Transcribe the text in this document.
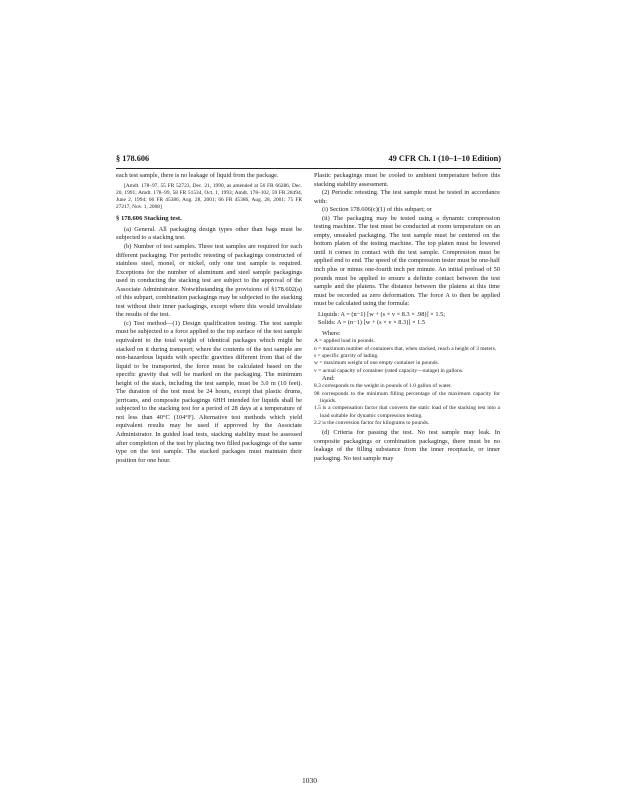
§ 178.606	49 CFR Ch. I (10–1–10 Edition)

each test sample, there is no leakage of liquid from the package.

[Amdt. 178–97, 55 FR 52723, Dec. 21, 1990, as amended at 56 FR 66286, Dec. 20, 1991; Amdt. 178–99, 58 FR 51534, Oct. 1, 1993; Amdt. 178–102, 59 FR 28494, June 2, 1994; 66 FR 45386, Aug. 28, 2001; 66 FR 45386, Aug. 28, 2001; 75 FR 27217, Nov. 1, 2008]

§ 178.606 Stacking test.

(a) General. All packaging design types other than bags must be subjected to a stacking test.

(b) Number of test samples. Three test samples are required for each different packaging. For periodic retesting of packagings constructed of stainless steel, monel, or nickel, only one test sample is required. Exceptions for the number of aluminum and steel sample packagings used in conducting the stacking test are subject to the approval of the Associate Administrator. Notwithstanding the provisions of §178.602(a) of this subpart, combination packagings may be subjected to the stacking test without their inner packagings, except where this would invalidate the results of the test.

(c) Test method—(1) Design qualification testing. The test sample must be subjected to a force applied to the top surface of the test sample equivalent to the total weight of identical packages which might be stacked on it during transport; where the contents of the test sample are non-hazardous liquids with specific gravities different from that of the liquid to be transported, the force must be calculated based on the specific gravity that will be marked on the packaging. The minimum height of the stack, including the test sample, must be 3.0 m (10 feet). The duration of the test must be 24 hours, except that plastic drums, jerricans, and composite packagings 6HH intended for liquids shall be subjected to the stacking test for a period of 28 days at a temperature of not less than 40°C (104°F). Alternative test methods which yield equivalent results may be used if approved by the Associate Administrator. In guided load tests, stacking stability must be assessed after completion of the test by placing two filled packagings of the same type on the test sample. The stacked packages must maintain their position for one hour.

Plastic packagings must be cooled to ambient temperature before this stacking stability assessment.

(2) Periodic retesting. The test sample must be tested in accordance with:

(i) Section 178.606(c)(1) of this subpart; or

(ii) The packaging may be tested using a dynamic compression testing machine. The test must be conducted at room temperature on an empty, unsealed packaging. The test sample must be centered on the bottom platen of the testing machine. The top platen must be lowered until it comes in contact with the test sample. Compression must be applied end to end. The speed of the compression tester must be one-half inch plus or minus one-fourth inch per minute. An initial preload of 50 pounds must be applied to ensure a definite contact between the test sample and the platens. The distance between the platens at this time must be recorded as zero deformation. The force A to then be applied must be calculated using the formula:

Liquids: A = (n−1) [w + (s × v × 8.3 × .98)] × 1.5;

Solids: A = (n−1) [w + (s × v × 8.3)] × 1.5

Where:

A = applied load in pounds.

n = maximum number of containers that, when stacked, reach a height of 3 meters.

s = specific gravity of lading.

w = maximum weight of one empty container in pounds.

v = actual capacity of container (rated capacity—outage) in gallons.

And:

8.3 corresponds to the weight in pounds of 1.0 gallon of water.

98 corresponds to the minimum filling percentage of the maximum capacity for liquids.

1.5 is a compensation factor that converts the static load of the stacking test into a load suitable for dynamic compression testing.

2.2 is the conversion factor for kilograms to pounds.

(d) Criteria for passing the test. No test sample may leak. In composite packagings or combination packagings, there must be no leakage of the filling substance from the inner receptacle, or inner packaging. No test sample may

1030
